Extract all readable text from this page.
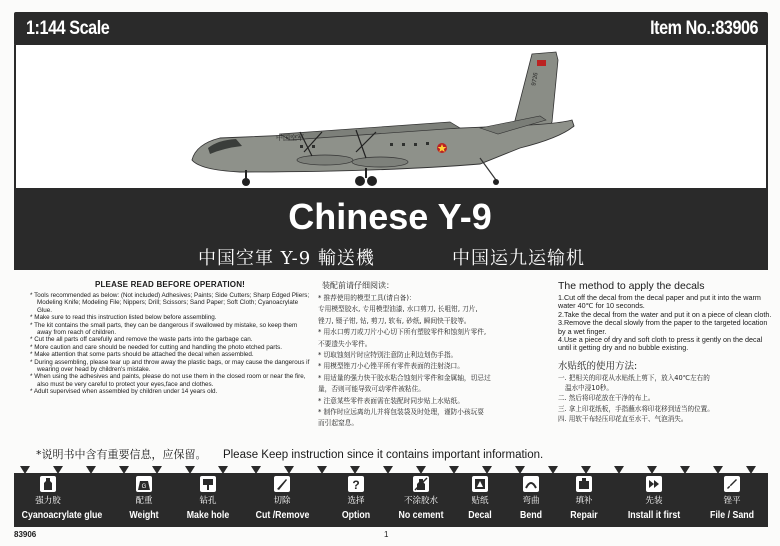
1:144 Scale	Item No.:83906
中国空军
9726
Chinese Y-9
中国空軍 Y-9 輸送機	中国运九运输机
PLEASE READ BEFORE OPERATION!
* Tools recommended as below: (Not included) Adhesives; Paints; Side Cutters; Sharp Edged Pliers; Modeling Knife; Modeling File; Nippers; Drill; Scissors; Sand Paper; Soft Cloth; Cyanoacrylate Glue.
* Make sure to read this instruction listed below before assembling.
* The kit contains the small parts, they can be dangerous if swallowed by mistake, so keep them away from reach of children.
* Cut the all parts off carefully and remove the waste parts into the garbage can.
* More caution and care should be needed for cutting and handling the photo etched parts.
* Make attention that some parts should be attached the decal when assembled.
* During assembling, please tear up and throw away the plastic bags, or may cause the dangerous if wearing over head by children's mistake.
* When using the adhesives and paints, please do not use them in the closed room or near the fire, also must be very careful to protect your eyes,face and clothes.
* Adult supervised when assembled by children under 14 years old.
装配前请仔细阅读：
* 推荐使用的模型工具(请自备)：
专用模型胶水, 专用模型油漆, 水口剪刀, 长咀钳, 刀片,
锉刀, 镊子钳, 钻, 剪刀, 软布, 砂纸, 瞬间快干胶等。
* 用水口剪刀或刀片小心切下所有塑胶零件和蚀刻片零件,
不要遗失小零件。
* 切取蚀刻片时应特别注意防止利边划伤手指。
* 用模型锉刀小心锉平所有零件表面的注射浇口。
* 用适量的强力快干胶水粘合蚀刻片零件和金属轴，切忌过
量，否则可能导致可动零件被粘住。
* 注意某些零件表面需在装配时同步贴上水贴纸。
* 制作时应远离幼儿并将包装袋及时处理，谨防小孩玩耍
而引起窒息。
The method to apply the decals
1.Cut off the decal from the decal paper and put it into the warm water 40℃ for 10 seconds.
2.Take the decal from the water and put it on a piece of clean cloth.
3.Remove the decal slowly from the paper to the targeted location by a wet finger.
4.Use a piece of dry and soft cloth to press it gently on the decal until it getting dry and no bubble existing.
水贴纸的使用方法:
一. 把相关的印花从水贴纸上剪下，放入40℃左右的
温水中浸10秒。
二. 然后将印花放在干净的布上。
三. 拿上印花纸板，手指蘸水将印花移到适当的位置。
四. 用软干布轻压印花直至水干、气泡消失。
*说明书中含有重要信息，应保留。 Please Keep instruction since it contains important information.
强力胶
Cyanoacrylate glue
G
配重
Weight
钻孔
Make hole
切除
Cut /Remove
?
选择
Option
不涂胶水
No cement
贴纸
Decal
弯曲
Bend
填补
Repair
先装
Install it first
锉平
File / Sand
83906	1
